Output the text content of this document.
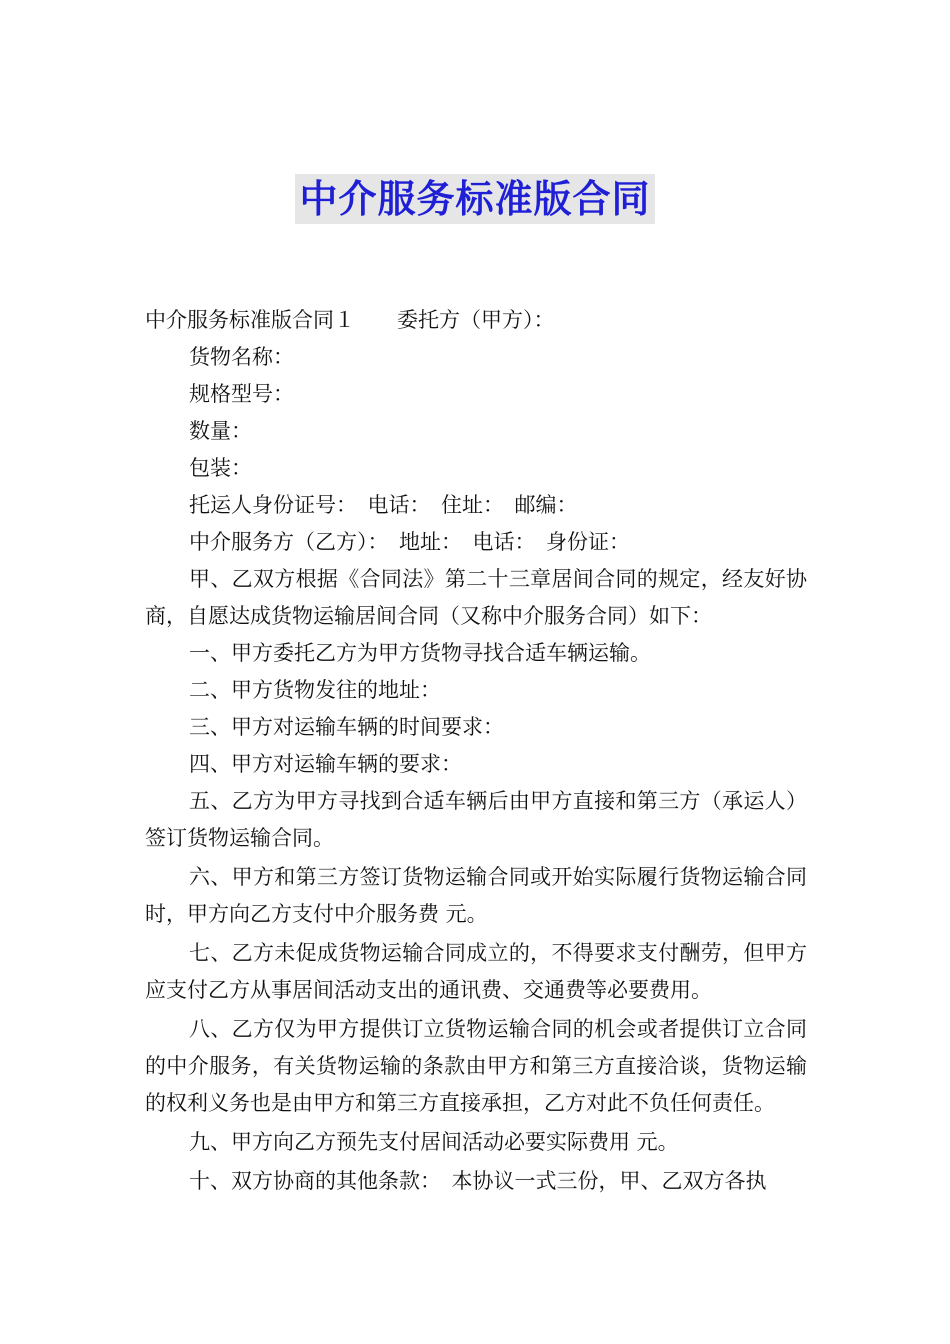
中介服务标准版合同

中介服务标准版合同１　　委托方（甲方）：

货物名称：

规格型号：

数量：

包装：

托运人身份证号：　电话：　住址：　邮编：

中介服务方（乙方）：　地址：　电话：　身份证：

甲、乙双方根据《合同法》第二十三章居间合同的规定，经友好协商，自愿达成货物运输居间合同（又称中介服务合同）如下：

一、甲方委托乙方为甲方货物寻找合适车辆运输。

二、甲方货物发往的地址：

三、甲方对运输车辆的时间要求：

四、甲方对运输车辆的要求：

五、乙方为甲方寻找到合适车辆后由甲方直接和第三方（承运人）签订货物运输合同。

六、甲方和第三方签订货物运输合同或开始实际履行货物运输合同时，甲方向乙方支付中介服务费 元。

七、乙方未促成货物运输合同成立的，不得要求支付酬劳，但甲方应支付乙方从事居间活动支出的通讯费、交通费等必要费用。

八、乙方仅为甲方提供订立货物运输合同的机会或者提供订立合同的中介服务，有关货物运输的条款由甲方和第三方直接洽谈，货物运输的权利义务也是由甲方和第三方直接承担，乙方对此不负任何责任。

九、甲方向乙方预先支付居间活动必要实际费用 元。

十、双方协商的其他条款：　本协议一式三份，甲、乙双方各执
